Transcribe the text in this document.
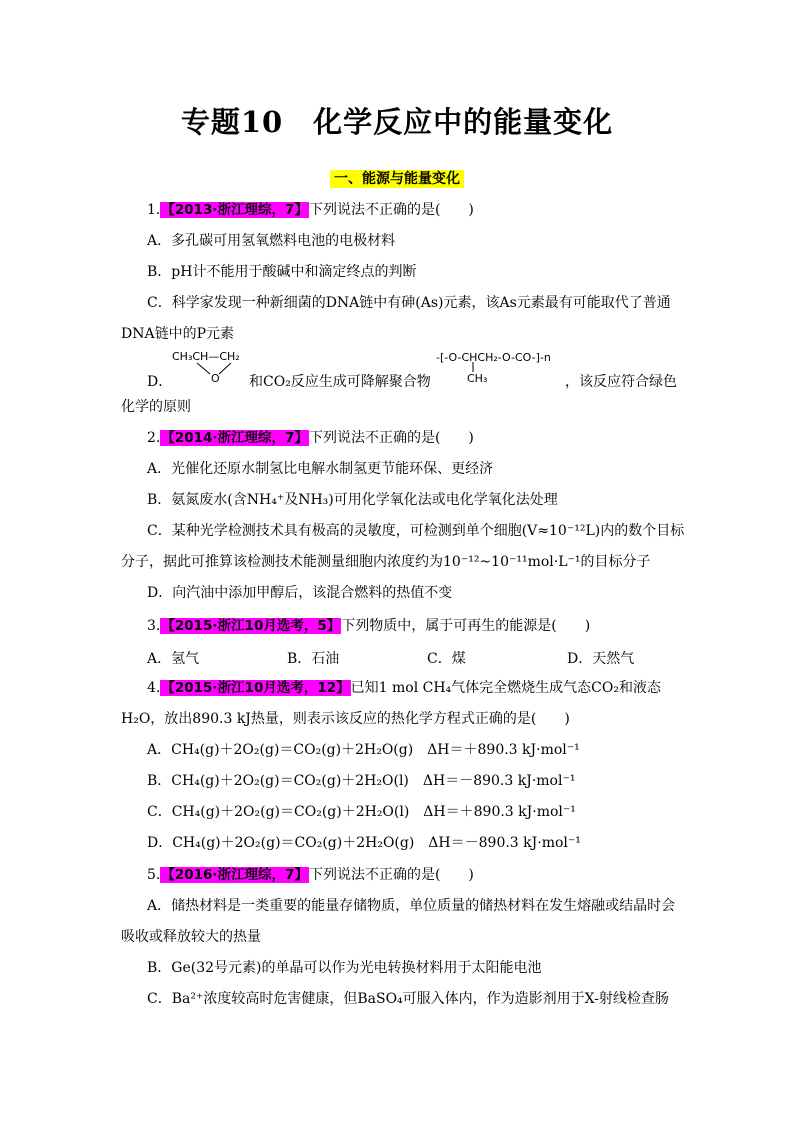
专题10　化学反应中的能量变化
一、能源与能量变化
1.【2013·浙江理综，7】下列说法不正确的是(　　)
A．多孔碳可用氢氧燃料电池的电极材料
B．pH计不能用于酸碱中和滴定终点的判断
C．科学家发现一种新细菌的DNA链中有砷(As)元素，该As元素最有可能取代了普通
DNA链中的P元素
CH₃CH—CH₂
O
D．	和CO₂反应生成可降解聚合物
-[-O-CHCH₂-O-CO-]-n
CH₃	，该反应符合绿色
化学的原则
2.【2014·浙江理综，7】下列说法不正确的是(　　)
A．光催化还原水制氢比电解水制氢更节能环保、更经济
B．氨氮废水(含NH₄⁺及NH₃)可用化学氧化法或电化学氧化法处理
C．某种光学检测技术具有极高的灵敏度，可检测到单个细胞(V≈10⁻¹²L)内的数个目标
分子，据此可推算该检测技术能测量细胞内浓度约为10⁻¹²~10⁻¹¹mol·L⁻¹的目标分子
D．向汽油中添加甲醇后，该混合燃料的热值不变
3.【2015·浙江10月选考，5】下列物质中，属于可再生的能源是(　　)
A．氢气	B．石油	C．煤	D．天然气
4.【2015·浙江10月选考，12】已知1 mol CH₄气体完全燃烧生成气态CO₂和液态
H₂O，放出890.3 kJ热量，则表示该反应的热化学方程式正确的是(　　)
A．CH₄(g)＋2O₂(g)＝CO₂(g)＋2H₂O(g)　ΔH＝＋890.3 kJ·mol⁻¹
B．CH₄(g)＋2O₂(g)＝CO₂(g)＋2H₂O(l)　ΔH＝－890.3 kJ·mol⁻¹
C．CH₄(g)＋2O₂(g)＝CO₂(g)＋2H₂O(l)　ΔH＝＋890.3 kJ·mol⁻¹
D．CH₄(g)＋2O₂(g)＝CO₂(g)＋2H₂O(g)　ΔH＝－890.3 kJ·mol⁻¹
5.【2016·浙江理综，7】下列说法不正确的是(　　)
A．储热材料是一类重要的能量存储物质，单位质量的储热材料在发生熔融或结晶时会
吸收或释放较大的热量
B．Ge(32号元素)的单晶可以作为光电转换材料用于太阳能电池
C．Ba²⁺浓度较高时危害健康，但BaSO₄可服入体内，作为造影剂用于X-射线检查肠
